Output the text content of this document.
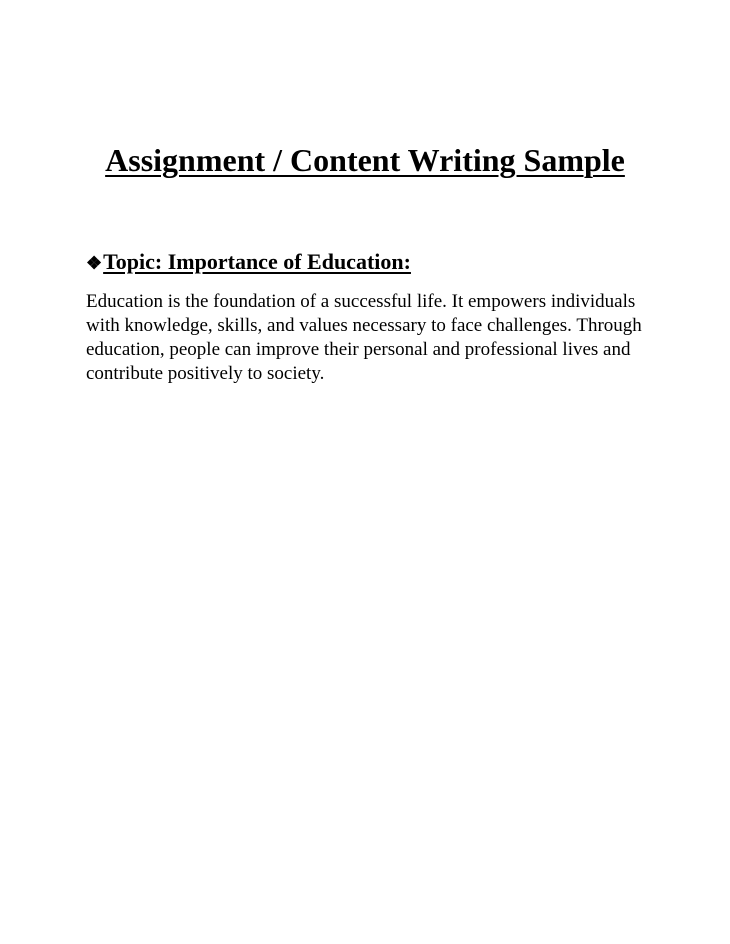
Assignment / Content Writing Sample
❖Topic: Importance of Education:

Education is the foundation of a successful life. It empowers individuals with knowledge, skills, and values necessary to face challenges. Through education, people can improve their personal and professional lives and contribute positively to society.
